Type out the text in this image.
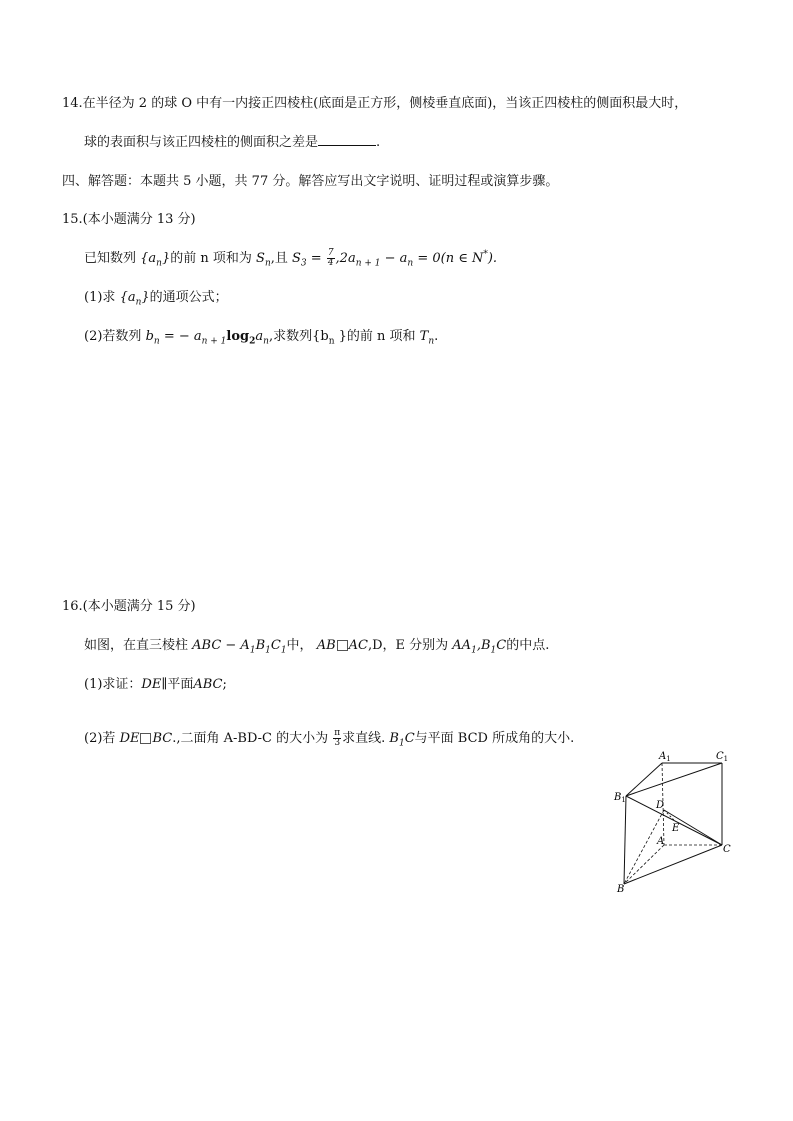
14.在半径为 2 的球 O 中有一内接正四棱柱(底面是正方形，侧棱垂直底面)，当该正四棱柱的侧面积最大时，
球的表面积与该正四棱柱的侧面积之差是	.
四、解答题：本题共 5 小题，共 77 分。解答应写出文字说明、证明过程或演算步骤。
15.(本小题满分 13 分)
已知数列 $\{a_n\}$的前 n 项和为 $S_n$,且 $S_3 = \frac{7}{4} ,2a_{n + 1} - a_n = 0(n$ ∈ N*).
(1)求 $\{a_n\}$的通项公式；
(2)若数列 $b_n$ = − $a_{n + 1}\log_2a_n$,求数列{$b_n$ }的前 n 项和 $T_n$.
16.(本小题满分 15 分)
如图，在直三棱柱 ABC − $A_1B_1C_1$中， AB AC,D，E 分别为 $AA_1,B_1C$的中点.
(1)求证：DE∥平面ABC;
(2)若 DE BC.,二面角 A-BD-C 的大小为 $\frac{\pi}{3}$ 求直线. $B_1C$与平面 BCD 所成角的大小.
$A_1$	$C_1$
$B_1$	D
E
A
C
B
